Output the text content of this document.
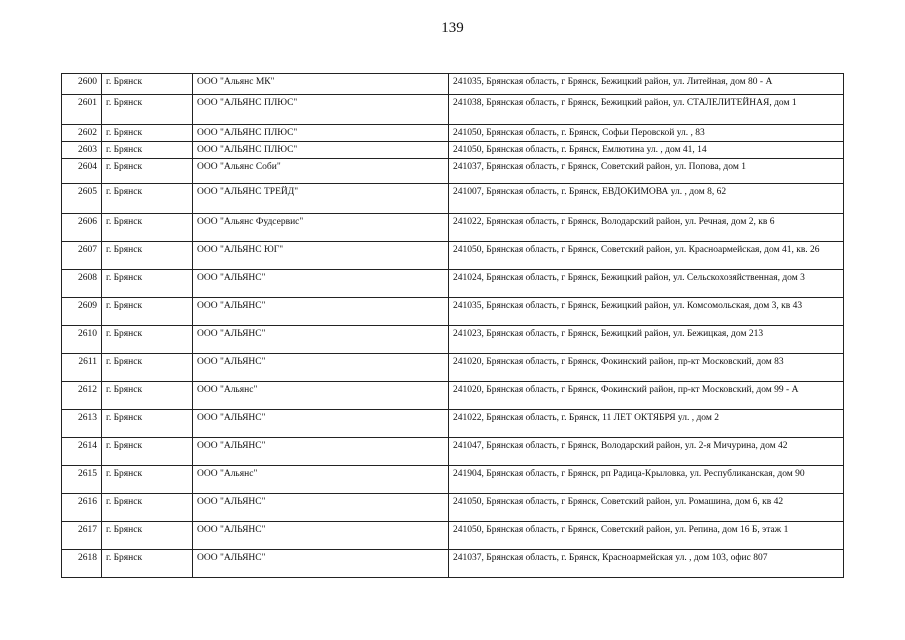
139
2600	г. Брянск	ООО "Альянс МК"	241035, Брянская область, г Брянск, Бежицкий район, ул. Литейная, дом 80 - А
2601	г. Брянск	ООО "АЛЬЯНС ПЛЮС"	241038, Брянская область, г Брянск, Бежицкий район, ул. СТАЛЕЛИТЕЙНАЯ, дом 1
2602	г. Брянск	ООО "АЛЬЯНС ПЛЮС"	241050, Брянская область, г. Брянск, Софьи Перовской ул. , 83
2603	г. Брянск	ООО "АЛЬЯНС ПЛЮС"	241050, Брянская область, г. Брянск, Емлютина ул. , дом 41, 14
2604	г. Брянск	ООО "Альянс Соби"	241037, Брянская область, г Брянск, Советский район, ул. Попова, дом 1
2605	г. Брянск	ООО "АЛЬЯНС ТРЕЙД"	241007, Брянская область, г. Брянск, ЕВДОКИМОВА ул. , дом 8, 62
2606	г. Брянск	ООО "Альянс Фудсервис"	241022, Брянская область, г Брянск, Володарский район, ул. Речная, дом 2, кв 6
2607	г. Брянск	ООО "АЛЬЯНС ЮГ"	241050, Брянская область, г Брянск, Советский район, ул. Красноармейская, дом 41, кв. 26
2608	г. Брянск	ООО "АЛЬЯНС"	241024, Брянская область, г Брянск, Бежицкий район, ул. Сельскохозяйственная, дом 3
2609	г. Брянск	ООО "АЛЬЯНС"	241035, Брянская область, г Брянск, Бежицкий район, ул. Комсомольская, дом 3, кв 43
2610	г. Брянск	ООО "АЛЬЯНС"	241023, Брянская область, г Брянск, Бежицкий район, ул. Бежицкая, дом 213
2611	г. Брянск	ООО "АЛЬЯНС"	241020, Брянская область, г Брянск, Фокинский район, пр-кт Московский, дом 83
2612	г. Брянск	ООО "Альянс"	241020, Брянская область, г Брянск, Фокинский район, пр-кт Московский, дом 99 - А
2613	г. Брянск	ООО "АЛЬЯНС"	241022, Брянская область, г. Брянск, 11 ЛЕТ ОКТЯБРЯ ул. , дом 2
2614	г. Брянск	ООО "АЛЬЯНС"	241047, Брянская область, г Брянск, Володарский район, ул. 2-я Мичурина, дом 42
2615	г. Брянск	ООО "Альянс"	241904, Брянская область, г Брянск, рп Радица-Крыловка, ул. Республиканская, дом 90
2616	г. Брянск	ООО "АЛЬЯНС"	241050, Брянская область, г Брянск, Советский район, ул. Ромашина, дом 6, кв 42
2617	г. Брянск	ООО "АЛЬЯНС"	241050, Брянская область, г Брянск, Советский район, ул. Репина, дом 16 Б, этаж 1
2618	г. Брянск	ООО "АЛЬЯНС"	241037, Брянская область, г. Брянск, Красноармейская ул. , дом 103, офис 807
